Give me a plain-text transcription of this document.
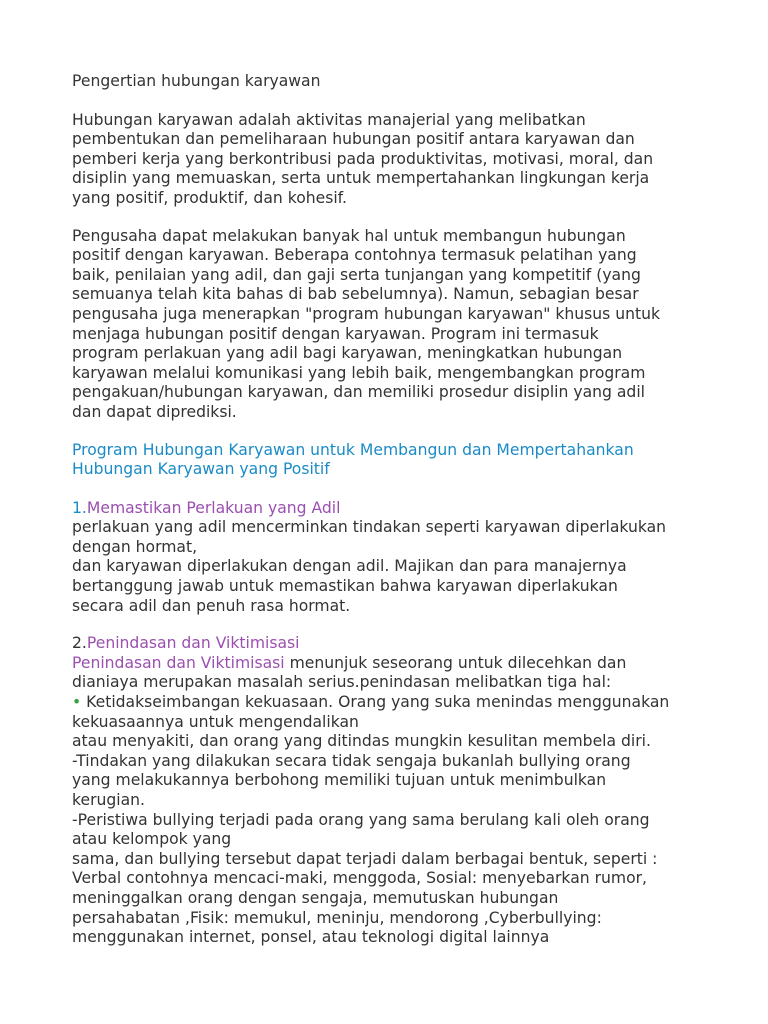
Pengertian hubungan karyawan

Hubungan karyawan adalah aktivitas manajerial yang melibatkan
pembentukan dan pemeliharaan hubungan positif antara karyawan dan
pemberi kerja yang berkontribusi pada produktivitas, motivasi, moral, dan
disiplin yang memuaskan, serta untuk mempertahankan lingkungan kerja
yang positif, produktif, dan kohesif.

Pengusaha dapat melakukan banyak hal untuk membangun hubungan
positif dengan karyawan. Beberapa contohnya termasuk pelatihan yang
baik, penilaian yang adil, dan gaji serta tunjangan yang kompetitif (yang
semuanya telah kita bahas di bab sebelumnya). Namun, sebagian besar
pengusaha juga menerapkan "program hubungan karyawan" khusus untuk
menjaga hubungan positif dengan karyawan. Program ini termasuk
program perlakuan yang adil bagi karyawan, meningkatkan hubungan
karyawan melalui komunikasi yang lebih baik, mengembangkan program
pengakuan/hubungan karyawan, dan memiliki prosedur disiplin yang adil
dan dapat diprediksi.

Program Hubungan Karyawan untuk Membangun dan Mempertahankan
Hubungan Karyawan yang Positif

1.Memastikan Perlakuan yang Adil

perlakuan yang adil mencerminkan tindakan seperti karyawan diperlakukan
dengan hormat,
dan karyawan diperlakukan dengan adil. Majikan dan para manajernya
bertanggung jawab untuk memastikan bahwa karyawan diperlakukan
secara adil dan penuh rasa hormat.

2.Penindasan dan Viktimisasi

Penindasan dan Viktimisasi menunjuk seseorang untuk dilecehkan dan
dianiaya merupakan masalah serius.penindasan melibatkan tiga hal:

• Ketidakseimbangan kekuasaan. Orang yang suka menindas menggunakan
kekuasaannya untuk mengendalikan
atau menyakiti, dan orang yang ditindas mungkin kesulitan membela diri.
-Tindakan yang dilakukan secara tidak sengaja bukanlah bullying orang
yang melakukannya berbohong memiliki tujuan untuk menimbulkan
kerugian.
-Peristiwa bullying terjadi pada orang yang sama berulang kali oleh orang
atau kelompok yang
sama, dan bullying tersebut dapat terjadi dalam berbagai bentuk, seperti :
Verbal contohnya mencaci-maki, menggoda, Sosial: menyebarkan rumor,
meninggalkan orang dengan sengaja, memutuskan hubungan
persahabatan ,Fisik: memukul, meninju, mendorong ,Cyberbullying:
menggunakan internet, ponsel, atau teknologi digital lainnya
